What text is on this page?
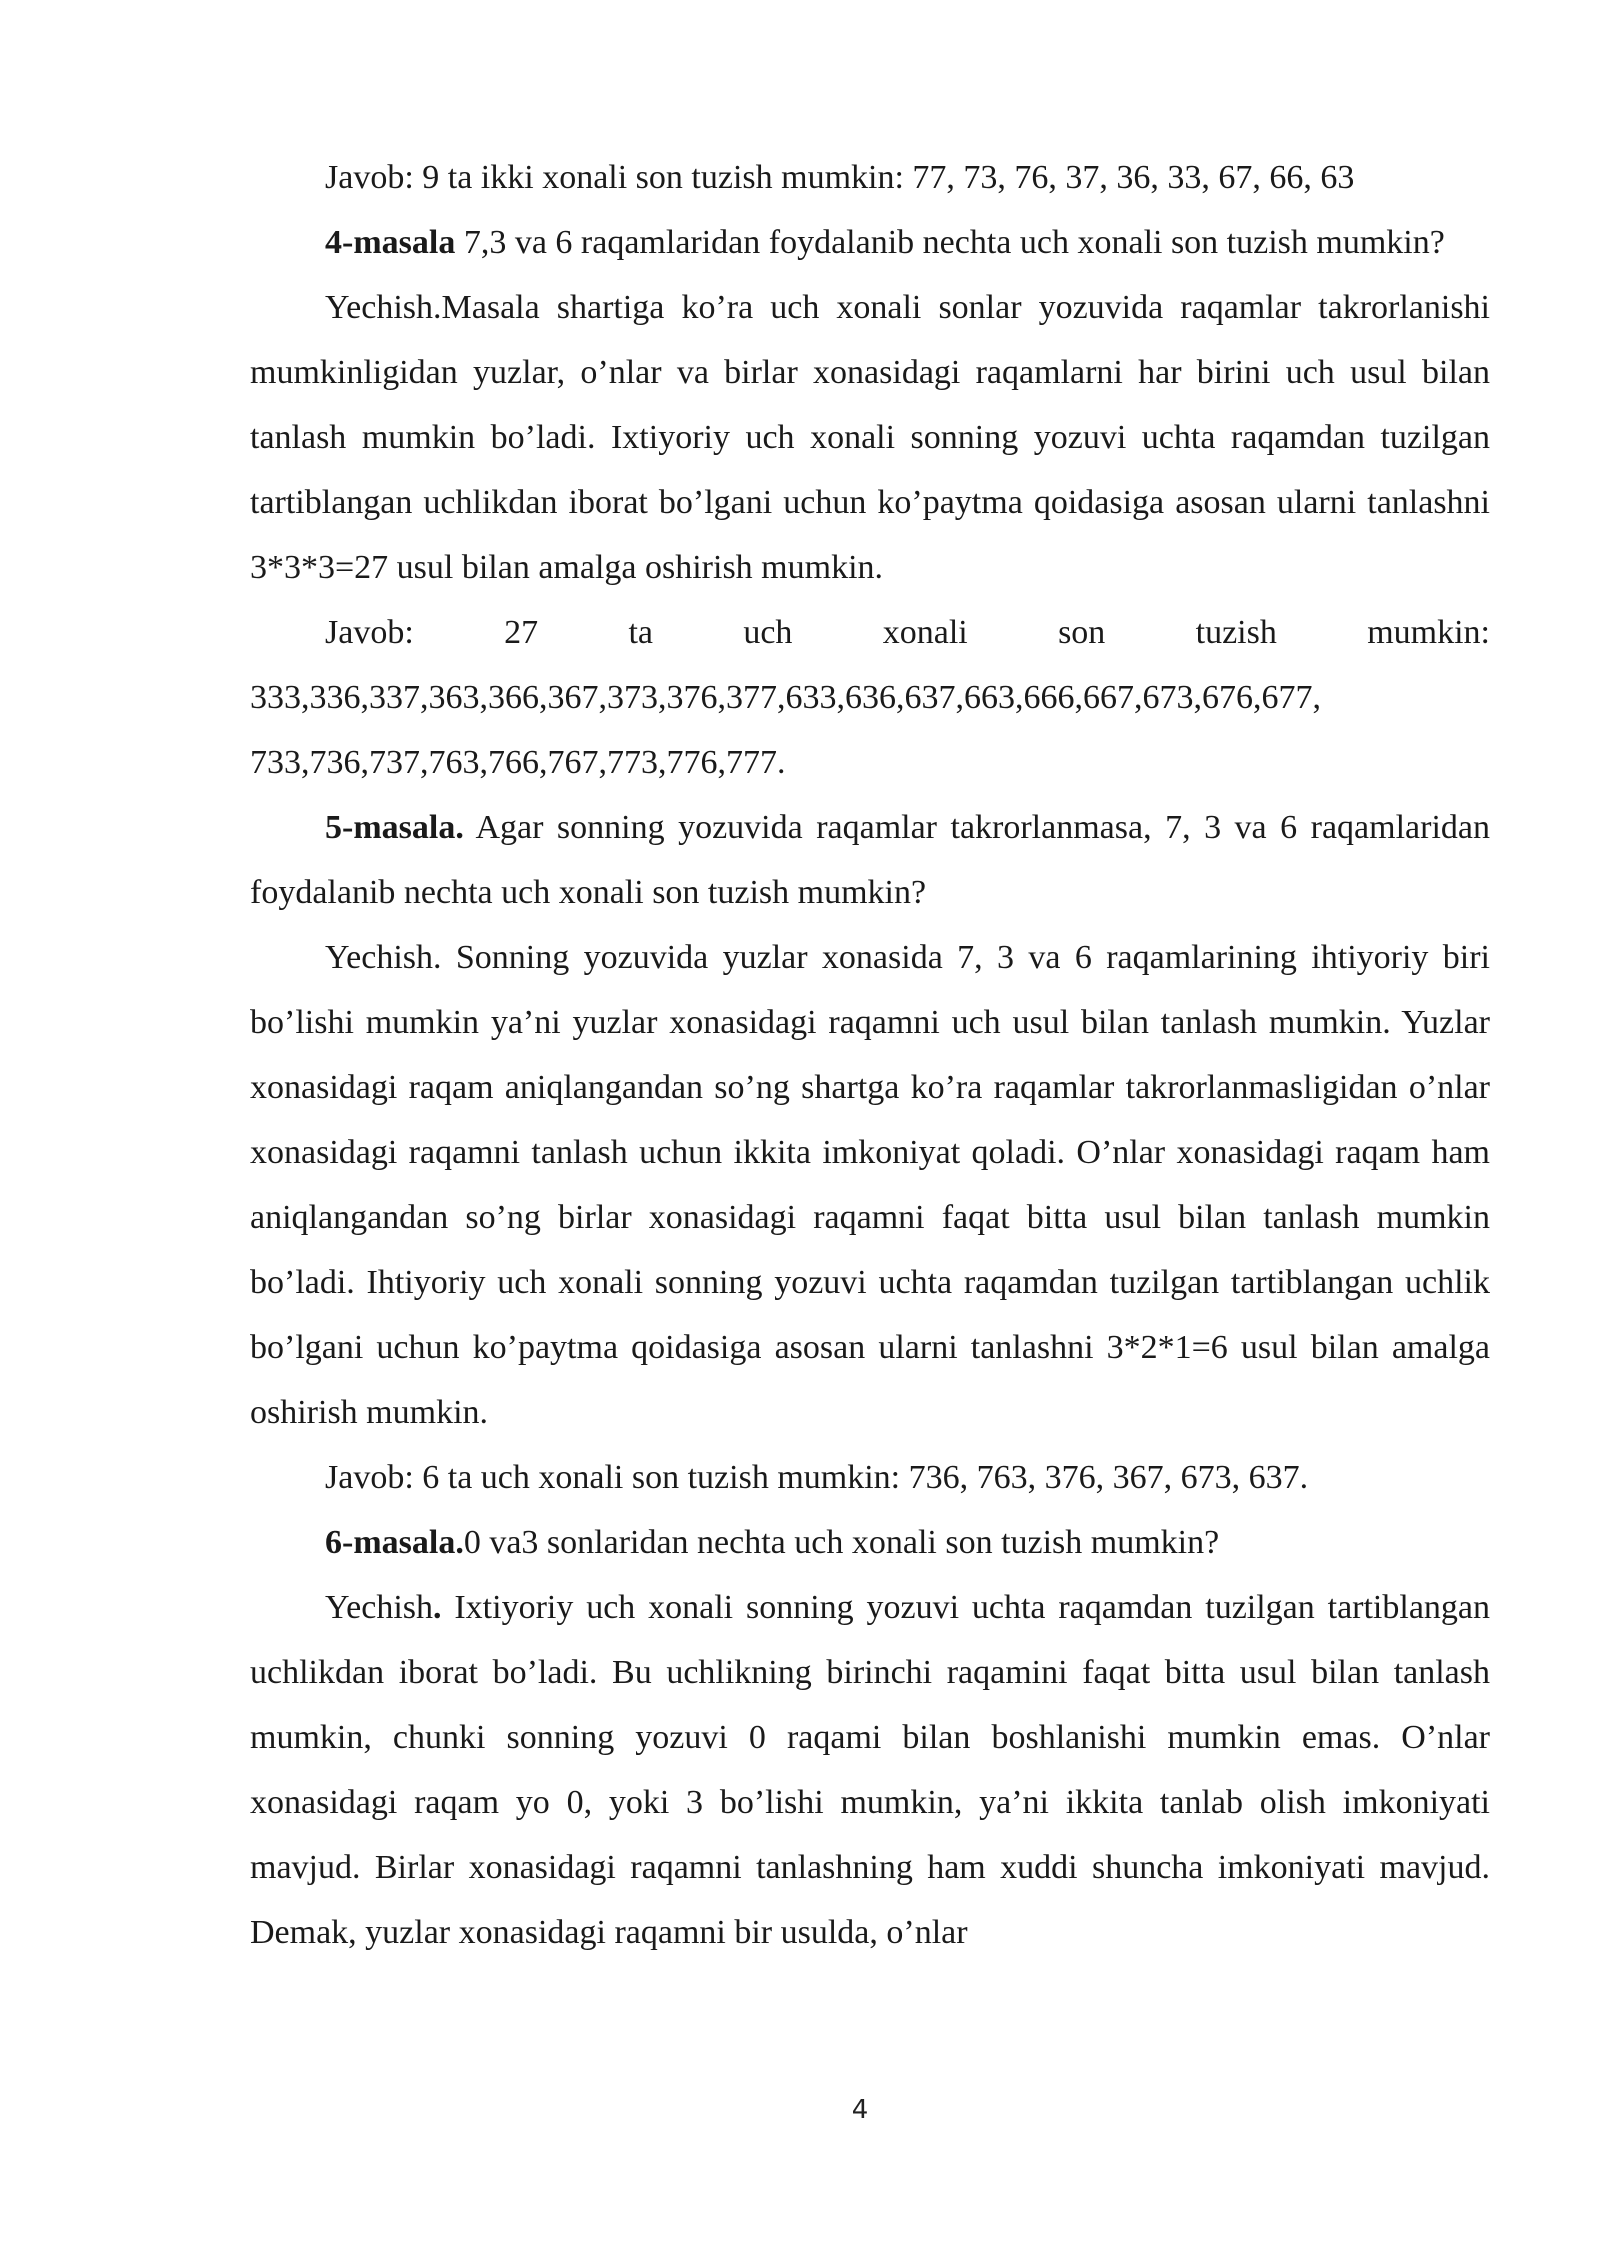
Javob: 9 ta ikki xonali son tuzish mumkin: 77, 73, 76, 37, 36, 33, 67, 66, 63

4-masala 7,3 va 6 raqamlaridan foydalanib nechta uch xonali son tuzish mumkin?

Yechish.Masala shartiga ko’ra uch xonali sonlar yozuvida raqamlar takrorlanishi mumkinligidan yuzlar, o’nlar va birlar xonasidagi raqamlarni har birini uch usul bilan tanlash mumkin bo’ladi. Ixtiyoriy uch xonali sonning yozuvi uchta raqamdan tuzilgan tartiblangan uchlikdan iborat bo’lgani uchun ko’paytma qoidasiga asosan ularni tanlashni 3*3*3=27 usul bilan amalga oshirish mumkin.

Javob: 27 ta uch xonali son tuzish mumkin:

333,336,337,363,366,367,373,376,377,633,636,637,663,666,667,673,676,677,

733,736,737,763,766,767,773,776,777.

5-masala. Agar sonning yozuvida raqamlar takrorlanmasa, 7, 3 va 6 raqamlaridan foydalanib nechta uch xonali son tuzish mumkin?

Yechish. Sonning yozuvida yuzlar xonasida 7, 3 va 6 raqamlarining ihtiyoriy biri bo’lishi mumkin ya’ni yuzlar xonasidagi raqamni uch usul bilan tanlash mumkin. Yuzlar xonasidagi raqam aniqlangandan so’ng shartga ko’ra raqamlar takrorlanmasligidan o’nlar xonasidagi raqamni tanlash uchun ikkita imkoniyat qoladi. O’nlar xonasidagi raqam ham aniqlangandan so’ng birlar xonasidagi raqamni faqat bitta usul bilan tanlash mumkin bo’ladi. Ihtiyoriy uch xonali sonning yozuvi uchta raqamdan tuzilgan tartiblangan uchlik bo’lgani uchun ko’paytma qoidasiga asosan ularni tanlashni 3*2*1=6 usul bilan amalga oshirish mumkin.

Javob: 6 ta uch xonali son tuzish mumkin: 736, 763, 376, 367, 673, 637.

6-masala.0 va3 sonlaridan nechta uch xonali son tuzish mumkin?

Yechish. Ixtiyoriy uch xonali sonning yozuvi uchta raqamdan tuzilgan tartiblangan uchlikdan iborat bo’ladi. Bu uchlikning birinchi raqamini faqat bitta usul bilan tanlash mumkin, chunki sonning yozuvi 0 raqami bilan boshlanishi mumkin emas. O’nlar xonasidagi raqam yo 0, yoki 3 bo’lishi mumkin, ya’ni ikkita tanlab olish imkoniyati mavjud. Birlar xonasidagi raqamni tanlashning ham xuddi shuncha imkoniyati mavjud. Demak, yuzlar xonasidagi raqamni bir usulda, o’nlar

4
